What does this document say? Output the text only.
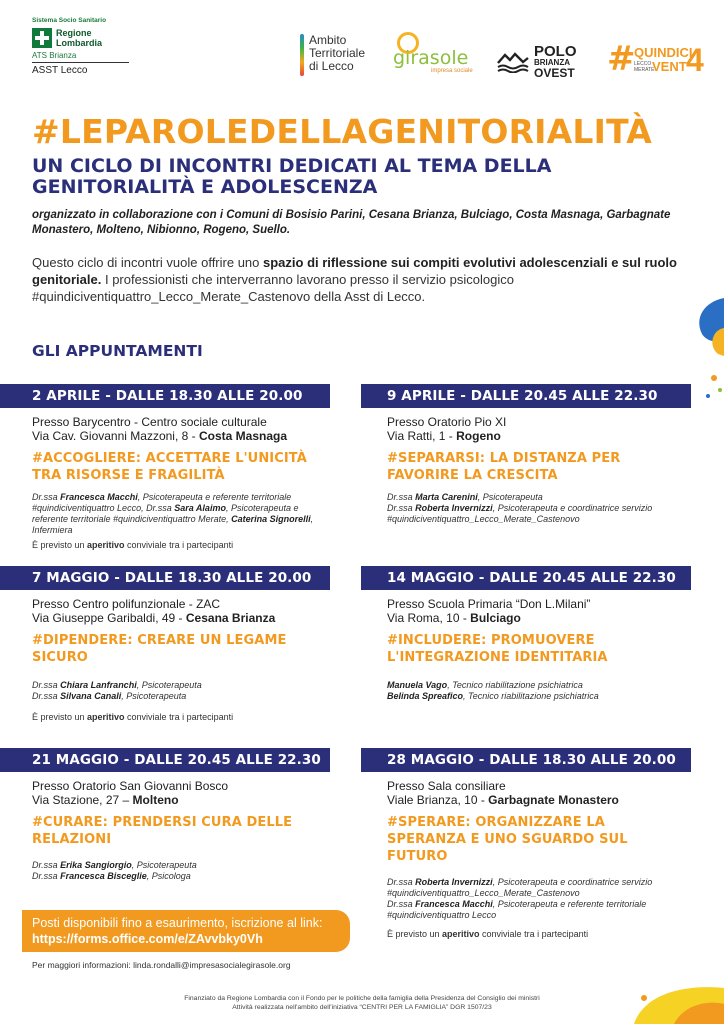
Sistema Socio Sanitario
Regione
Lombardia
ATS Brianza
ASST Lecco
Ambito
Territoriale
di Lecco	girasole
impresa sociale
POLO
BRIANZA
OVEST #
QUINDICI
LECCO
MERATE
VENT 4
#LEPAROLEDELLAGENITORIALITÀ
UN CICLO DI INCONTRI DEDICATI AL TEMA DELLA GENITORIALITÀ E ADOLESCENZA
organizzato in collaborazione con i Comuni di Bosisio Parini, Cesana Brianza, Bulciago, Costa Masnaga, Garbagnate Monastero, Molteno, Nibionno, Rogeno, Suello.
Questo ciclo di incontri vuole offrire uno spazio di riflessione sui compiti evolutivi adolescenziali e sul ruolo genitoriale. I professionisti che interverranno lavorano presso il servizio psicologico #quindiciventiquattro_Lecco_Merate_Castenovo della Asst di Lecco.
GLI APPUNTAMENTI
2 APRILE - DALLE 18.30 ALLE 20.00
Presso Barycentro - Centro sociale culturale
Via Cav. Giovanni Mazzoni, 8 - Costa Masnaga
#ACCOGLIERE: ACCETTARE L'UNICITÀ TRA RISORSE E FRAGILITÀ
Dr.ssa Francesca Macchi, Psicoterapeuta e referente territoriale #quindiciventiquattro Lecco, Dr.ssa Sara Alaimo, Psicoterapeuta e referente territoriale #quindiciventiquattro Merate, Caterina Signorelli, Infermiera
È previsto un aperitivo conviviale tra i partecipanti
9 APRILE - DALLE 20.45 ALLE 22.30
Presso Oratorio Pio XI
Via Ratti, 1 - Rogeno
#SEPARARSI: LA DISTANZA PER FAVORIRE LA CRESCITA
Dr.ssa Marta Carenini, Psicoterapeuta
Dr.ssa Roberta Invernizzi, Psicoterapeuta e coordinatrice servizio #quindiciventiquattro_Lecco_Merate_Castenovo
7 MAGGIO - DALLE 18.30 ALLE 20.00
Presso Centro polifunzionale - ZAC
Via Giuseppe Garibaldi, 49 - Cesana Brianza
#DIPENDERE: CREARE UN LEGAME SICURO
Dr.ssa Chiara Lanfranchi, Psicoterapeuta
Dr.ssa Silvana Canali, Psicoterapeuta
È previsto un aperitivo conviviale tra i partecipanti
14 MAGGIO - DALLE 20.45 ALLE 22.30
Presso Scuola Primaria “Don L.Milani”
Via Roma, 10 - Bulciago
#INCLUDERE: PROMUOVERE L'INTEGRAZIONE IDENTITARIA
Manuela Vago, Tecnico riabilitazione psichiatrica
Belinda Spreafico, Tecnico riabilitazione psichiatrica
21 MAGGIO - DALLE 20.45 ALLE 22.30
Presso Oratorio San Giovanni Bosco
Via Stazione, 27 – Molteno
#CURARE: PRENDERSI CURA DELLE RELAZIONI
Dr.ssa Erika Sangiorgio, Psicoterapeuta
Dr.ssa Francesca Bisceglie, Psicologa
28 MAGGIO - DALLE 18.30 ALLE 20.00
Presso Sala consiliare
Viale Brianza, 10 - Garbagnate Monastero
#SPERARE: ORGANIZZARE LA SPERANZA E UNO SGUARDO SUL FUTURO
Dr.ssa Roberta Invernizzi, Psicoterapeuta e coordinatrice servizio #quindiciventiquattro_Lecco_Merate_Castenovo
Dr.ssa Francesca Macchi, Psicoterapeuta e referente territoriale #quindiciventiquattro Lecco
È previsto un aperitivo conviviale tra i partecipanti
Posti disponibili fino a esaurimento, iscrizione al link:
https://forms.office.com/e/ZAvvbky0Vh
Per maggiori informazioni: linda.rondalli@impresasocialegirasole.org
Finanziato da Regione Lombardia con il Fondo per le politiche della famiglia della Presidenza del Consiglio dei ministri
Attività realizzata nell'ambito dell'iniziativa “CENTRI PER LA FAMIGLIA” DGR 1507/23
